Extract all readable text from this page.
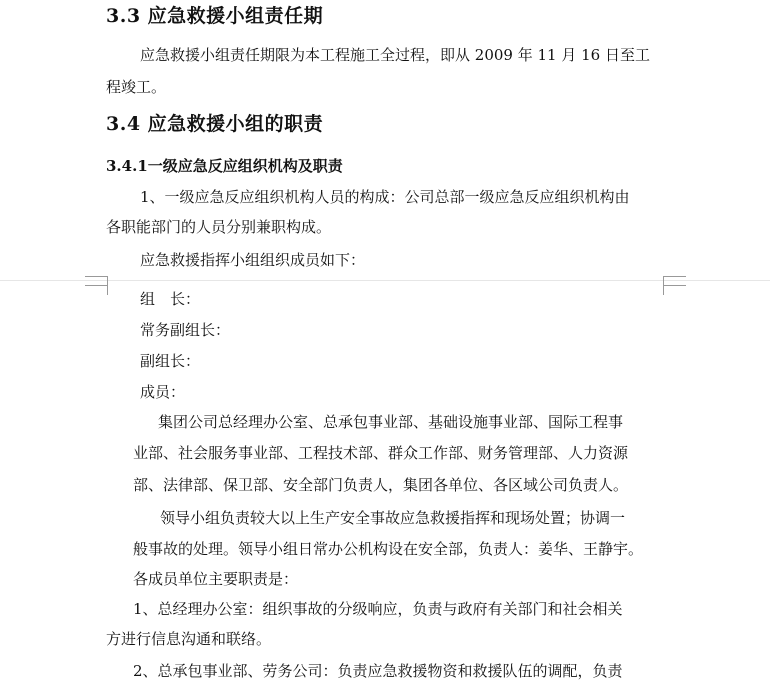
3.3 应急救援小组责任期
应急救援小组责任期限为本工程施工全过程，即从 2009 年 11 月 16 日至工
程竣工。
3.4 应急救援小组的职责
3.4.1一级应急反应组织机构及职责
1、一级应急反应组织机构人员的构成：公司总部一级应急反应组织机构由
各职能部门的人员分别兼职构成。
应急救援指挥小组组织成员如下：
组　长：
常务副组长：
副组长：
成员：
集团公司总经理办公室、总承包事业部、基础设施事业部、国际工程事
业部、社会服务事业部、工程技术部、群众工作部、财务管理部、人力资源
部、法律部、保卫部、安全部门负责人，集团各单位、各区域公司负责人。
领导小组负责较大以上生产安全事故应急救援指挥和现场处置；协调一
般事故的处理。领导小组日常办公机构设在安全部，负责人：姜华、王静宇。
各成员单位主要职责是：
1、总经理办公室：组织事故的分级响应，负责与政府有关部门和社会相关
方进行信息沟通和联络。
2、总承包事业部、劳务公司：负责应急救援物资和救援队伍的调配，负责
